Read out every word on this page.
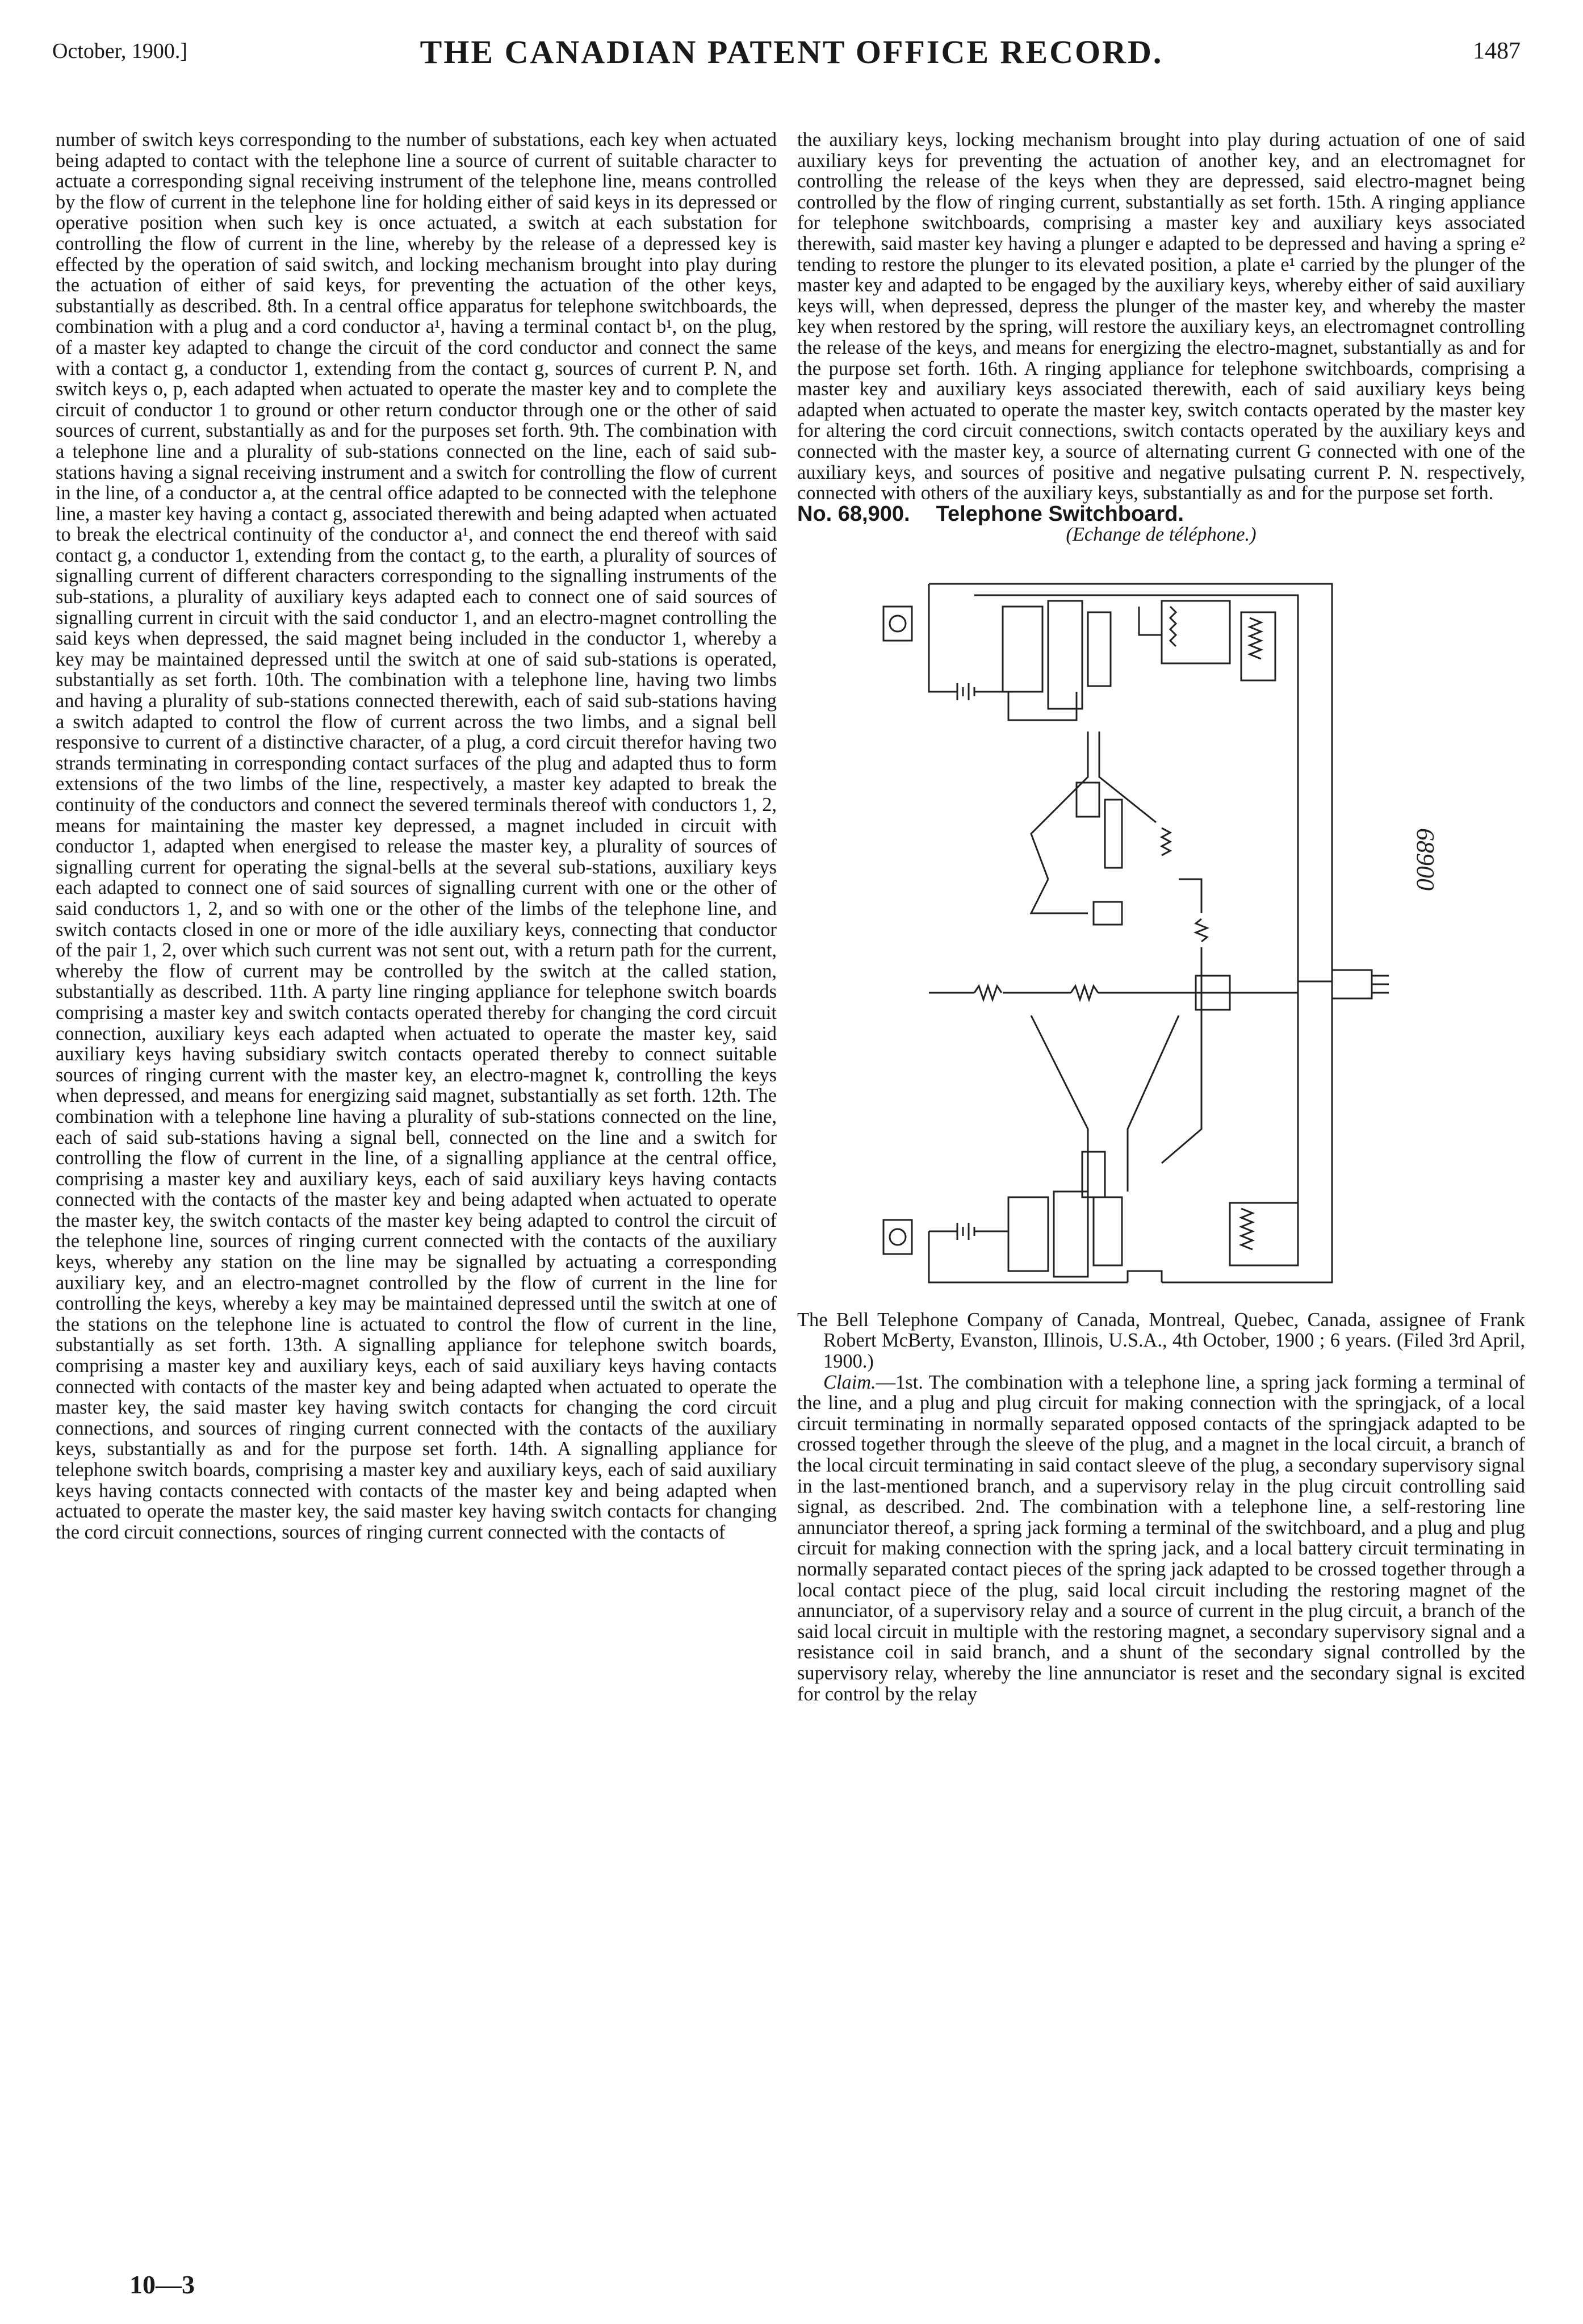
October, 1900.]	THE CANADIAN PATENT OFFICE RECORD.	1487

number of switch keys corresponding to the number of substations, each key when actuated being adapted to contact with the telephone line a source of current of suitable character to actuate a corresponding signal receiving instrument of the telephone line, means controlled by the flow of current in the telephone line for holding either of said keys in its depressed or operative position when such key is once actuated, a switch at each substation for controlling the flow of current in the line, whereby by the release of a depressed key is effected by the operation of said switch, and locking mechanism brought into play during the actuation of either of said keys, for preventing the actuation of the other keys, substantially as described. 8th. In a central office apparatus for telephone switchboards, the combination with a plug and a cord conductor a¹, having a terminal contact b¹, on the plug, of a master key adapted to change the circuit of the cord conductor and connect the same with a contact g, a conductor 1, extending from the contact g, sources of current P. N, and switch keys o, p, each adapted when actuated to operate the master key and to complete the circuit of conductor 1 to ground or other return conductor through one or the other of said sources of current, substantially as and for the purposes set forth. 9th. The combination with a telephone line and a plurality of sub-stations connected on the line, each of said sub-stations having a signal receiving instrument and a switch for controlling the flow of current in the line, of a conductor a, at the central office adapted to be connected with the telephone line, a master key having a contact g, associated therewith and being adapted when actuated to break the electrical continuity of the conductor a¹, and connect the end thereof with said contact g, a conductor 1, extending from the contact g, to the earth, a plurality of sources of signalling current of different characters corresponding to the signalling instruments of the sub-stations, a plurality of auxiliary keys adapted each to connect one of said sources of signalling current in circuit with the said conductor 1, and an electro-magnet controlling the said keys when depressed, the said magnet being included in the conductor 1, whereby a key may be maintained depressed until the switch at one of said sub-stations is operated, substantially as set forth. 10th. The combination with a telephone line, having two limbs and having a plurality of sub-stations connected therewith, each of said sub-stations having a switch adapted to control the flow of current across the two limbs, and a signal bell responsive to current of a distinctive character, of a plug, a cord circuit therefor having two strands terminating in corresponding contact surfaces of the plug and adapted thus to form extensions of the two limbs of the line, respectively, a master key adapted to break the continuity of the conductors and connect the severed terminals thereof with conductors 1, 2, means for maintaining the master key depressed, a magnet included in circuit with conductor 1, adapted when energised to release the master key, a plurality of sources of signalling current for operating the signal-bells at the several sub-stations, auxiliary keys each adapted to connect one of said sources of signalling current with one or the other of said conductors 1, 2, and so with one or the other of the limbs of the telephone line, and switch contacts closed in one or more of the idle auxiliary keys, connecting that conductor of the pair 1, 2, over which such current was not sent out, with a return path for the current, whereby the flow of current may be controlled by the switch at the called station, substantially as described. 11th. A party line ringing appliance for telephone switch boards comprising a master key and switch contacts operated thereby for changing the cord circuit connection, auxiliary keys each adapted when actuated to operate the master key, said auxiliary keys having subsidiary switch contacts operated thereby to connect suitable sources of ringing current with the master key, an electro-magnet k, controlling the keys when depressed, and means for energizing said magnet, substantially as set forth. 12th. The combination with a telephone line having a plurality of sub-stations connected on the line, each of said sub-stations having a signal bell, connected on the line and a switch for controlling the flow of current in the line, of a signalling appliance at the central office, comprising a master key and auxiliary keys, each of said auxiliary keys having contacts connected with the contacts of the master key and being adapted when actuated to operate the master key, the switch contacts of the master key being adapted to control the circuit of the telephone line, sources of ringing current connected with the contacts of the auxiliary keys, whereby any station on the line may be signalled by actuating a corresponding auxiliary key, and an electro-magnet controlled by the flow of current in the line for controlling the keys, whereby a key may be maintained depressed until the switch at one of the stations on the telephone line is actuated to control the flow of current in the line, substantially as set forth. 13th. A signalling appliance for telephone switch boards, comprising a master key and auxiliary keys, each of said auxiliary keys having contacts connected with contacts of the master key and being adapted when actuated to operate the master key, the said master key having switch contacts for changing the cord circuit connections, and sources of ringing current connected with the contacts of the auxiliary keys, substantially as and for the purpose set forth. 14th. A signalling appliance for telephone switch boards, comprising a master key and auxiliary keys, each of said auxiliary keys having contacts connected with contacts of the master key and being adapted when actuated to operate the master key, the said master key having switch contacts for changing the cord circuit connections, sources of ringing current connected with the contacts of

the auxiliary keys, locking mechanism brought into play during actuation of one of said auxiliary keys for preventing the actuation of another key, and an electromagnet for controlling the release of the keys when they are depressed, said electro-magnet being controlled by the flow of ringing current, substantially as set forth. 15th. A ringing appliance for telephone switchboards, comprising a master key and auxiliary keys associated therewith, said master key having a plunger e adapted to be depressed and having a spring e² tending to restore the plunger to its elevated position, a plate e¹ carried by the plunger of the master key and adapted to be engaged by the auxiliary keys, whereby either of said auxiliary keys will, when depressed, depress the plunger of the master key, and whereby the master key when restored by the spring, will restore the auxiliary keys, an electromagnet controlling the release of the keys, and means for energizing the electro-magnet, substantially as and for the purpose set forth. 16th. A ringing appliance for telephone switchboards, comprising a master key and auxiliary keys associated therewith, each of said auxiliary keys being adapted when actuated to operate the master key, switch contacts operated by the master key for altering the cord circuit connections, switch contacts operated by the auxiliary keys and connected with the master key, a source of alternating current G connected with one of the auxiliary keys, and sources of positive and negative pulsating current P. N. respectively, connected with others of the auxiliary keys, substantially as and for the purpose set forth.

No. 68,900. Telephone Switchboard.

(Echange de téléphone.)

68900

The Bell Telephone Company of Canada, Montreal, Quebec, Canada, assignee of Frank Robert McBerty, Evanston, Illinois, U.S.A., 4th October, 1900 ; 6 years. (Filed 3rd April, 1900.)

Claim.—1st. The combination with a telephone line, a spring jack forming a terminal of the line, and a plug and plug circuit for making connection with the springjack, of a local circuit terminating in normally separated opposed contacts of the springjack adapted to be crossed together through the sleeve of the plug, and a magnet in the local circuit, a branch of the local circuit terminating in said contact sleeve of the plug, a secondary supervisory signal in the last-mentioned branch, and a supervisory relay in the plug circuit controlling said signal, as described. 2nd. The combination with a telephone line, a self-restoring line annunciator thereof, a spring jack forming a terminal of the switchboard, and a plug and plug circuit for making connection with the spring jack, and a local battery circuit terminating in normally separated contact pieces of the spring jack adapted to be crossed together through a local contact piece of the plug, said local circuit including the restoring magnet of the annunciator, of a supervisory relay and a source of current in the plug circuit, a branch of the said local circuit in multiple with the restoring magnet, a secondary supervisory signal and a resistance coil in said branch, and a shunt of the secondary signal controlled by the supervisory relay, whereby the line annunciator is reset and the secondary signal is excited for control by the relay

10—3
